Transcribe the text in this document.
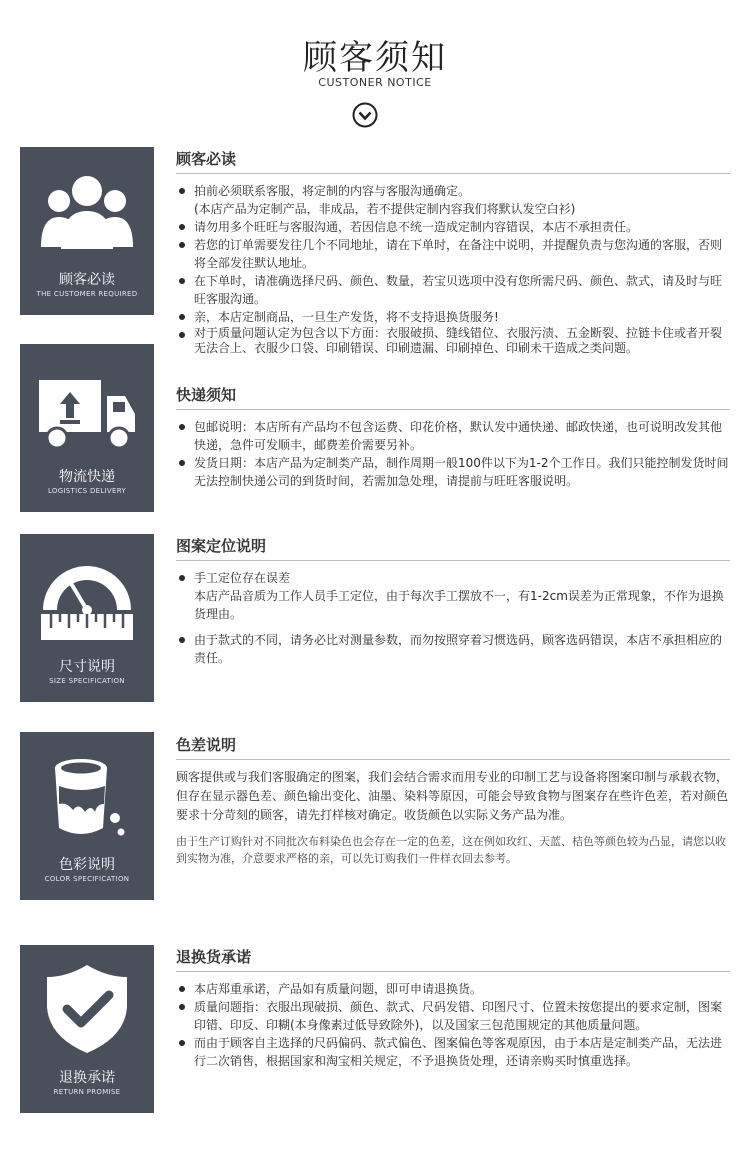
顾客须知
CUSTONER NOTICE
顾客必读
THE CUSTOMER REQUIRED
物流快递
LOGISTICS DELIVERY
尺寸说明
SIZE SPECIFICATION
色彩说明
COLOR SPECIFICATION
退换承诺
RETURN PROMISE
顾客必读
拍前必须联系客服，将定制的内容与客服沟通确定。
(本店产品为定制产品，非成品，若不提供定制内容我们将默认发空白衫)
请勿用多个旺旺与客服沟通，若因信息不统一造成定制内容错误，本店不承担责任。
若您的订单需要发往几个不同地址，请在下单时，在备注中说明，并提醒负责与您沟通的客服，否则将全部发往默认地址。
在下单时，请准确选择尺码、颜色、数量，若宝贝选项中没有您所需尺码、颜色、款式，请及时与旺旺客服沟通。
亲，本店定制商品，一旦生产发货，将不支持退换货服务!
对于质量问题认定为包含以下方面：衣服破损、缝线错位、衣服污渍、五金断裂、拉链卡住或者开裂无法合上、衣服少口袋、印刷错误、印刷遗漏、印刷掉色、印刷未干造成之类问题。
快递须知
包邮说明：本店所有产品均不包含运费、印花价格，默认发中通快递、邮政快递，也可说明改发其他快递，急件可发顺丰，邮费差价需要另补。
发货日期：本店产品为定制类产品，制作周期一般100件以下为1-2个工作日。我们只能控制发货时间无法控制快递公司的到货时间，若需加急处理，请提前与旺旺客服说明。
图案定位说明
手工定位存在误差
本店产品音质为工作人员手工定位，由于每次手工摆放不一，有1-2cm误差为正常现象，不作为退换货理由。
由于款式的不同，请务必比对测量参数，而勿按照穿着习惯选码，顾客选码错误，本店不承担相应的责任。
色差说明

顾客提供或与我们客服确定的图案，我们会结合需求而用专业的印制工艺与设备将图案印制与承载衣物，但存在显示器色差、颜色输出变化、油墨、染料等原因，可能会导致食物与图案存在些许色差，若对颜色要求十分苛刻的顾客，请先打样核对确定。收货颜色以实际义务产品为准。

由于生产订购针对不同批次布料染色也会存在一定的色差，这在例如玫红、天蓝、桔色等颜色较为凸显，请您以收到实物为准，介意要求严格的亲，可以先订购我们一件样衣回去参考。

退换货承诺
本店郑重承诺，产品如有质量问题，即可申请退换货。
质量问题指：衣服出现破损、颜色、款式、尺码发错、印图尺寸、位置未按您提出的要求定制，图案印错、印反、印糊(本身像素过低导致除外)，以及国家三包范围规定的其他质量问题。
而由于顾客自主选择的尺码偏码、款式偏色、图案偏色等客观原因，由于本店是定制类产品，无法进行二次销售，根据国家和淘宝相关规定，不予退换货处理，还请亲购买时慎重选择。
